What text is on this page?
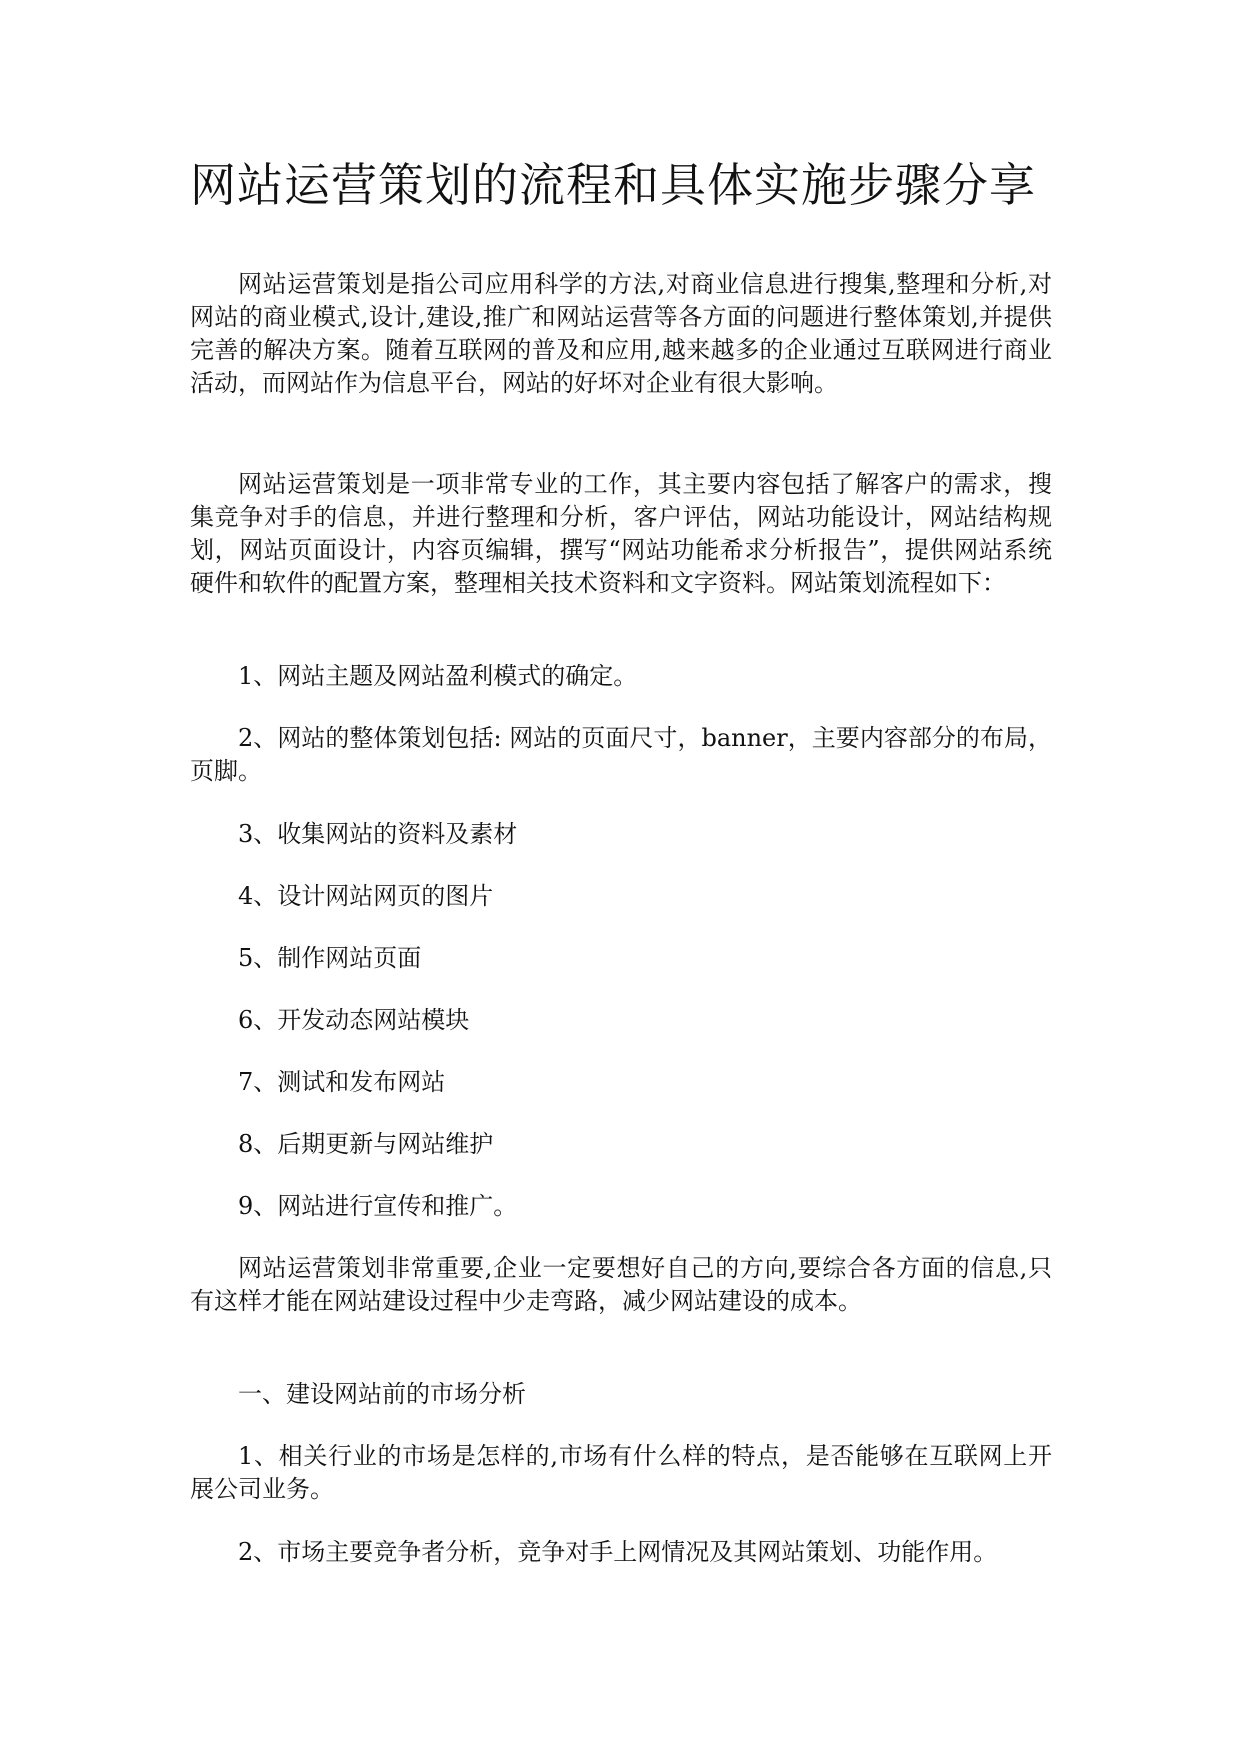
网站运营策划的流程和具体实施步骤分享

网站运营策划是指公司应用科学的方法,对商业信息进行搜集,整理和分析,对网站的商业模式,设计,建设,推广和网站运营等各方面的问题进行整体策划,并提供完善的解决方案。随着互联网的普及和应用,越来越多的企业通过互联网进行商业活动，而网站作为信息平台，网站的好坏对企业有很大影响。

网站运营策划是一项非常专业的工作，其主要内容包括了解客户的需求，搜集竞争对手的信息，并进行整理和分析，客户评估，网站功能设计，网站结构规划，网站页面设计，内容页编辑，撰写“网站功能希求分析报告”，提供网站系统硬件和软件的配置方案，整理相关技术资料和文字资料。网站策划流程如下：

1、网站主题及网站盈利模式的确定。

2、网站的整体策划包括: 网站的页面尺寸，banner，主要内容部分的布局，页脚。

3、收集网站的资料及素材

4、设计网站网页的图片

5、制作网站页面

6、开发动态网站模块

7、测试和发布网站

8、后期更新与网站维护

9、网站进行宣传和推广。

网站运营策划非常重要,企业一定要想好自己的方向,要综合各方面的信息,只有这样才能在网站建设过程中少走弯路，减少网站建设的成本。

一、建设网站前的市场分析

1、相关行业的市场是怎样的,市场有什么样的特点，是否能够在互联网上开展公司业务。

2、市场主要竞争者分析，竞争对手上网情况及其网站策划、功能作用。
